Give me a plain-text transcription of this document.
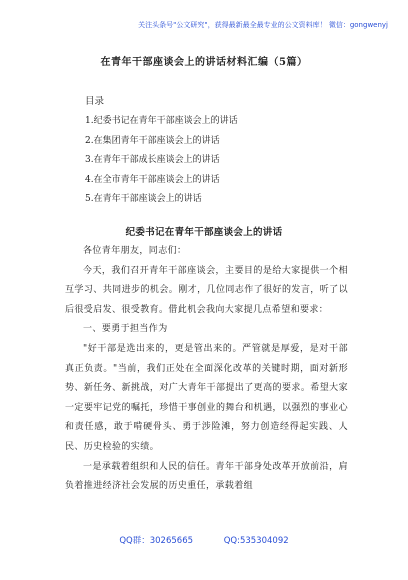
关注头条号"公文研究"，获得最新最全最专业的公文资料库！ 微信：gongwenyj
在青年干部座谈会上的讲话材料汇编（5篇）
目录
1.纪委书记在青年干部座谈会上的讲话
2.在集团青年干部座谈会上的讲话
3.在青年干部成长座谈会上的讲话
4.在全市青年干部座谈会上的讲话
5.在青年干部座谈会上的讲话
纪委书记在青年干部座谈会上的讲话

各位青年朋友，同志们：

今天，我们召开青年干部座谈会，主要目的是给大家提供一个相互学习、共同进步的机会。刚才，几位同志作了很好的发言，听了以后很受启发、很受教育。借此机会我向大家提几点希望和要求：

一、要勇于担当作为

"好干部是选出来的，更是管出来的。严管就是厚爱，是对干部真正负责。"当前，我们正处在全面深化改革的关键时期，面对新形势、新任务、新挑战，对广大青年干部提出了更高的要求。希望大家一定要牢记党的嘱托，珍惜干事创业的舞台和机遇，以强烈的事业心和责任感，敢于啃硬骨头、勇于涉险滩，努力创造经得起实践、人民、历史检验的实绩。

一是承载着组织和人民的信任。青年干部身处改革开放前沿，肩负着推进经济社会发展的历史重任，承载着组

QQ群：30265665	QQ:535304092
